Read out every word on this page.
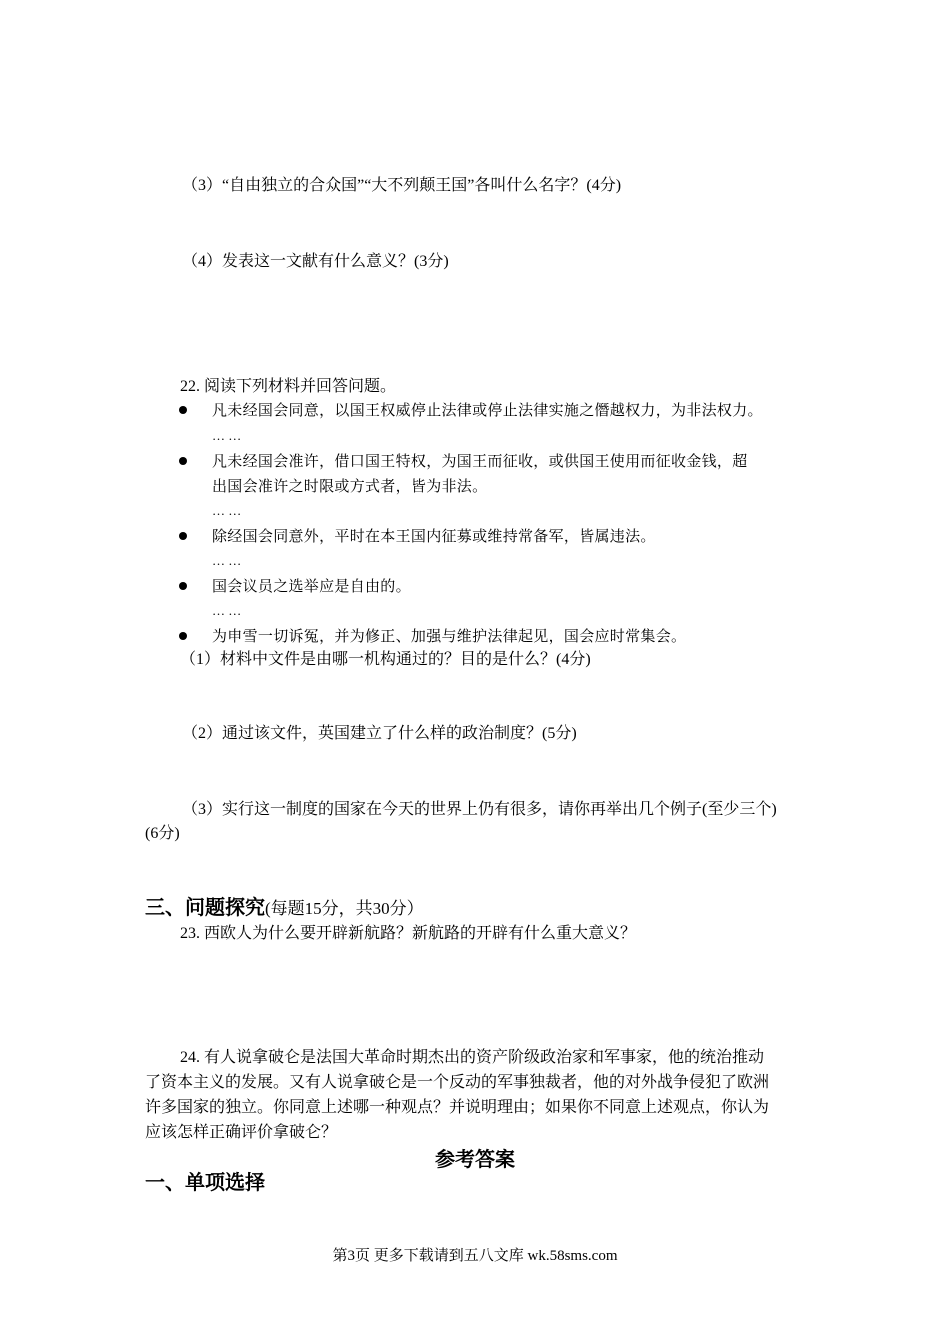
（3）“自由独立的合众国”“大不列颠王国”各叫什么名字？(4分)
（4）发表这一文献有什么意义？(3分)
22. 阅读下列材料并回答问题。
凡未经国会同意，以国王权威停止法律或停止法律实施之僭越权力，为非法权力。
… …
凡未经国会准许，借口国王特权，为国王而征收，或供国王使用而征收金钱，超
出国会准许之时限或方式者，皆为非法。
… …
除经国会同意外，平时在本王国内征募或维持常备军，皆属违法。
… …
国会议员之选举应是自由的。
… …
为申雪一切诉冤，并为修正、加强与维护法律起见，国会应时常集会。
（1）材料中文件是由哪一机构通过的？目的是什么？(4分)
（2）通过该文件，英国建立了什么样的政治制度？(5分)
（3）实行这一制度的国家在今天的世界上仍有很多，请你再举出几个例子(至少三个)
(6分)
三、问题探究(每题15分，共30分）
23. 西欧人为什么要开辟新航路？新航路的开辟有什么重大意义？
24. 有人说拿破仑是法国大革命时期杰出的资产阶级政治家和军事家，他的统治推动
了资本主义的发展。又有人说拿破仑是一个反动的军事独裁者，他的对外战争侵犯了欧洲
许多国家的独立。你同意上述哪一种观点？并说明理由；如果你不同意上述观点，你认为
应该怎样正确评价拿破仑？
参考答案
一、单项选择
第3页 更多下载请到五八文库 wk.58sms.com
